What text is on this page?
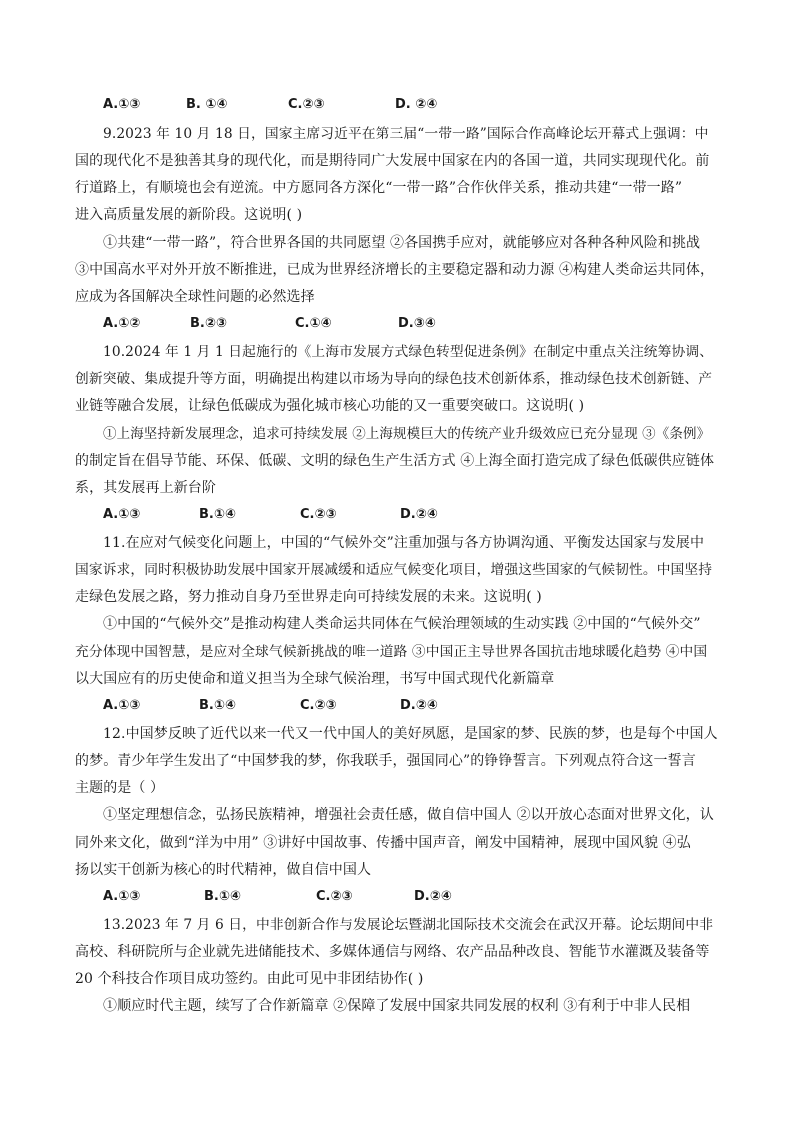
A.①③	B. ①④	C.②③	D. ②④
9.2023 年 10 月 18 日，国家主席习近平在第三届“一带一路”国际合作高峰论坛开幕式上强调：中
国的现代化不是独善其身的现代化，而是期待同广大发展中国家在内的各国一道，共同实现现代化。前
行道路上，有顺境也会有逆流。中方愿同各方深化“一带一路”合作伙伴关系，推动共建“一带一路”
进入高质量发展的新阶段。这说明( )
①共建“一带一路”，符合世界各国的共同愿望 ②各国携手应对，就能够应对各种各种风险和挑战
③中国高水平对外开放不断推进，已成为世界经济增长的主要稳定器和动力源 ④构建人类命运共同体，
应成为各国解决全球性问题的必然选择
A.①②	B.②③	C.①④	D.③④
10.2024 年 1 月 1 日起施行的《上海市发展方式绿色转型促进条例》在制定中重点关注统筹协调、
创新突破、集成提升等方面，明确提出构建以市场为导向的绿色技术创新体系，推动绿色技术创新链、产
业链等融合发展，让绿色低碳成为强化城市核心功能的又一重要突破口。这说明( )
①上海坚持新发展理念，追求可持续发展 ②上海规模巨大的传统产业升级效应已充分显现 ③《条例》
的制定旨在倡导节能、环保、低碳、文明的绿色生产生活方式 ④上海全面打造完成了绿色低碳供应链体
系，其发展再上新台阶
A.①③	B.①④	C.②③	D.②④
11.在应对气候变化问题上，中国的“气候外交”注重加强与各方协调沟通、平衡发达国家与发展中
国家诉求，同时积极协助发展中国家开展减缓和适应气候变化项目，增强这些国家的气候韧性。中国坚持
走绿色发展之路，努力推动自身乃至世界走向可持续发展的未来。这说明( )
①中国的“气候外交”是推动构建人类命运共同体在气候治理领域的生动实践 ②中国的“气候外交”
充分体现中国智慧，是应对全球气候新挑战的唯一道路 ③中国正主导世界各国抗击地球暖化趋势 ④中国
以大国应有的历史使命和道义担当为全球气候治理，书写中国式现代化新篇章
A.①③	B.①④	C.②③	D.②④
12.中国梦反映了近代以来一代又一代中国人的美好夙愿，是国家的梦、民族的梦，也是每个中国人
的梦。青少年学生发出了“中国梦我的梦，你我联手，强国同心”的铮铮誓言。下列观点符合这一誓言
主题的是（ ）
①坚定理想信念，弘扬民族精神，增强社会责任感，做自信中国人 ②以开放心态面对世界文化，认
同外来文化，做到“洋为中用” ③讲好中国故事、传播中国声音，阐发中国精神，展现中国风貌 ④弘
扬以实干创新为核心的时代精神，做自信中国人
A.①③	B.①④	C.②③	D.②④
13.2023 年 7 月 6 日，中非创新合作与发展论坛暨湖北国际技术交流会在武汉开幕。论坛期间中非
高校、科研院所与企业就先进储能技术、多媒体通信与网络、农产品品种改良、智能节水灌溉及装备等
20 个科技合作项目成功签约。由此可见中非团结协作( )
①顺应时代主题，续写了合作新篇章 ②保障了发展中国家共同发展的权利 ③有利于中非人民相
